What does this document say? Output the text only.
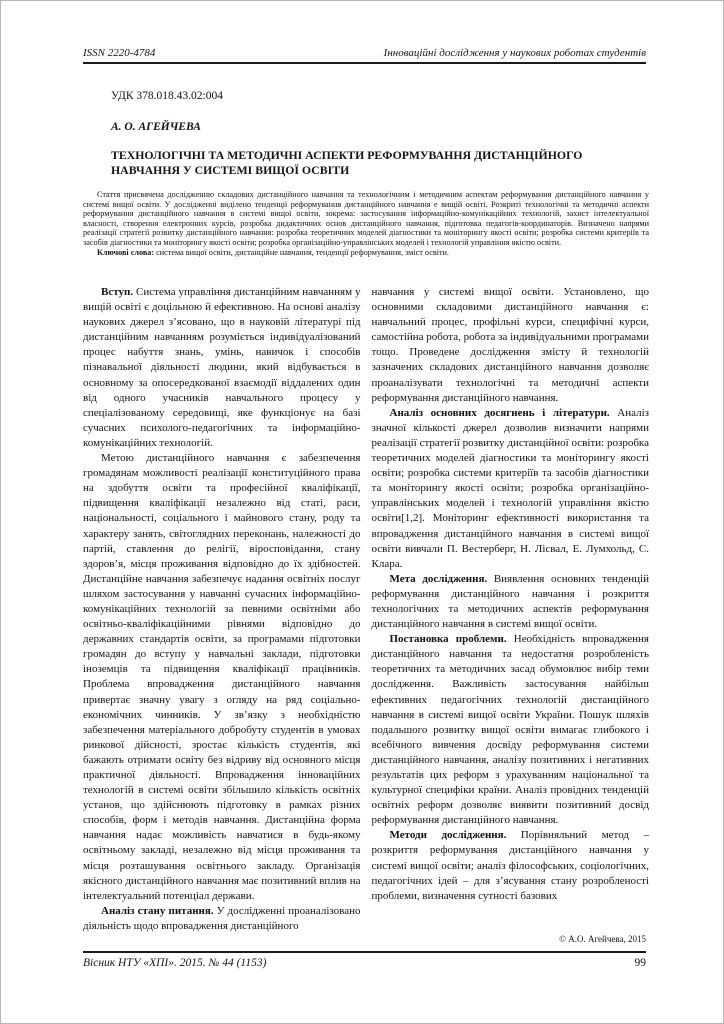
ISSN 2220-4784	Інноваційні дослідження у наукових роботах студентів
УДК 378.018.43.02:004
А. О. АГЕЙЧЕВА
ТЕХНОЛОГІЧНІ ТА МЕТОДИЧНІ АСПЕКТИ РЕФОРМУВАННЯ ДИСТАНЦІЙНОГО НАВЧАННЯ У СИСТЕМІ ВИЩОЇ ОСВІТИ

Стаття присвячена дослідженню складових дистанційного навчання та технологічним і методичним аспектам реформування дистанційного навчання у системі вищої освіти. У дослідженні виділено тенденції реформування дистанційного навчання е вищій освіті. Розкриті технологічні та методичні аспекти реформування дистанційного навчання в системі вищої освіти, зокрема: застосування інформаційно-комунікаційних технологій, захист інтелектуальної власності, створення електронних курсів, розробка дидактичних основ дистанційного навчання, підготовка педагогів-координаторів. Визначено напрями реалізації стратегії розвитку дистанційного навчання: розробка теоретичних моделей діагностики та моніторингу якості освіти; розробка системи критеріїв та засобів діагностики та моніторингу якості освіти; розробка організаційно-управлінських моделей і технологій управління якістю освіти.

Ключові слова: система вищої освіти, дистанційне навчання, тенденції реформування, зміст освіти.

Вступ. Система управління дистанційним навчанням у вищій освіті є доцільною й ефективною. На основі аналізу наукових джерел з’ясовано, що в науковій літературі під дистанційним навчанням розуміється індивідуалізований процес набуття знань, умінь, навичок і способів пізнавальної діяльності людини, який відбувається в основному за опосередкованої взаємодії віддалених один від одного учасників навчального процесу у спеціалізованому середовищі, яке функціонує на базі сучасних психолого-педагогічних та інформаційно-комунікаційних технологій.

Метою дистанційного навчання є забезпечення громадянам можливості реалізації конституційного права на здобуття освіти та професійної кваліфікації, підвищення кваліфікації незалежно від статі, раси, національності, соціального і майнового стану, роду та характеру занять, світоглядних переконань, належності до партій, ставлення до релігії, віросповідання, стану здоров’я, місця проживання відповідно до їх здібностей. Дистанційне навчання забезпечує надання освітніх послуг шляхом застосування у навчанні сучасних інформаційно-комунікаційних технологій за певними освітніми або освітньо-кваліфікаційними рівнями відповідно до державних стандартів освіти, за програмами підготовки громадян до вступу у навчальні заклади, підготовки іноземців та підвищення кваліфікації працівників. Проблема впровадження дистанційного навчання привертає значну увагу з огляду на ряд соціально-економічних чинників. У зв’язку з необхідністю забезпечення матеріального добробуту студентів в умовах ринкової дійсності, зростає кількість студентів, які бажають отримати освіту без відриву від основного місця практичної діяльності. Впровадження інноваційних технологій в системі освіти збільшило кількість освітніх установ, що здійснюють підготовку в рамках різних способів, форм і методів навчання. Дистанційна форма навчання надає можливість навчатися в будь-якому освітньому закладі, незалежно від місця проживання та місця розташування освітнього закладу. Організація якісного дистанційного навчання має позитивний вплив на інтелектуальний потенціал держави.

Аналіз стану питання. У дослідженні проаналізовано діяльність щодо впровадження дистанційного

навчання у системі вищої освіти. Установлено, що основними складовими дистанційного навчання є: навчальний процес, профільні курси, специфічні курси, самостійна робота, робота за індивідуальними програмами тощо. Проведене дослідження змісту й технологій зазначених складових дистанційного навчання дозволяє проаналізувати технологічні та методичні аспекти реформування дистанційного навчання.

Аналіз основних досягнень і літератури. Аналіз значної кількості джерел дозволив визначити напрями реалізації стратегії розвитку дистанційної освіти: розробка теоретичних моделей діагностики та моніторингу якості освіти; розробка системи критеріїв та засобів діагностики та моніторингу якості освіти; розробка організаційно-управлінських моделей і технологій управління якістю освіти[1,2]. Моніторинг ефективності використання та впровадження дистанційного навчання в системі вищої освіти вивчали П. Вестерберг, Н. Лісвал, Е. Лумхольд, С. Клара.

Мета дослідження. Виявлення основних тенденцій реформування дистанційного навчання і розкриття технологічних та методичних аспектів реформування дистанційного навчання в системі вищої освіти.

Постановка проблеми. Необхідність впровадження дистанційного навчання та недостатня розробленість теоретичних та методичних засад обумовлює вибір теми дослідження. Важливість застосування найбільш ефективних педагогічних технологій дистанційного навчання в системі вищої освіти України. Пошук шляхів подальшого розвитку вищої освіти вимагає глибокого і всебічного вивчення досвіду реформування системи дистанційного навчання, аналізу позитивних і негативних результатів цих реформ з урахуванням національної та культурної специфіки країни. Аналіз провідних тенденцій освітніх реформ дозволяє виявити позитивний досвід реформування дистанційного навчання.

Методи дослідження. Порівняльний метод – розкриття реформування дистанційного навчання у системі вищої освіти; аналіз філософських, соціологічних, педагогічних ідей – для з’ясування стану розробленості проблеми, визначення сутності базових

© А.О. Агейчева, 2015
Вісник НТУ «ХПІ». 2015. № 44 (1153)	99
